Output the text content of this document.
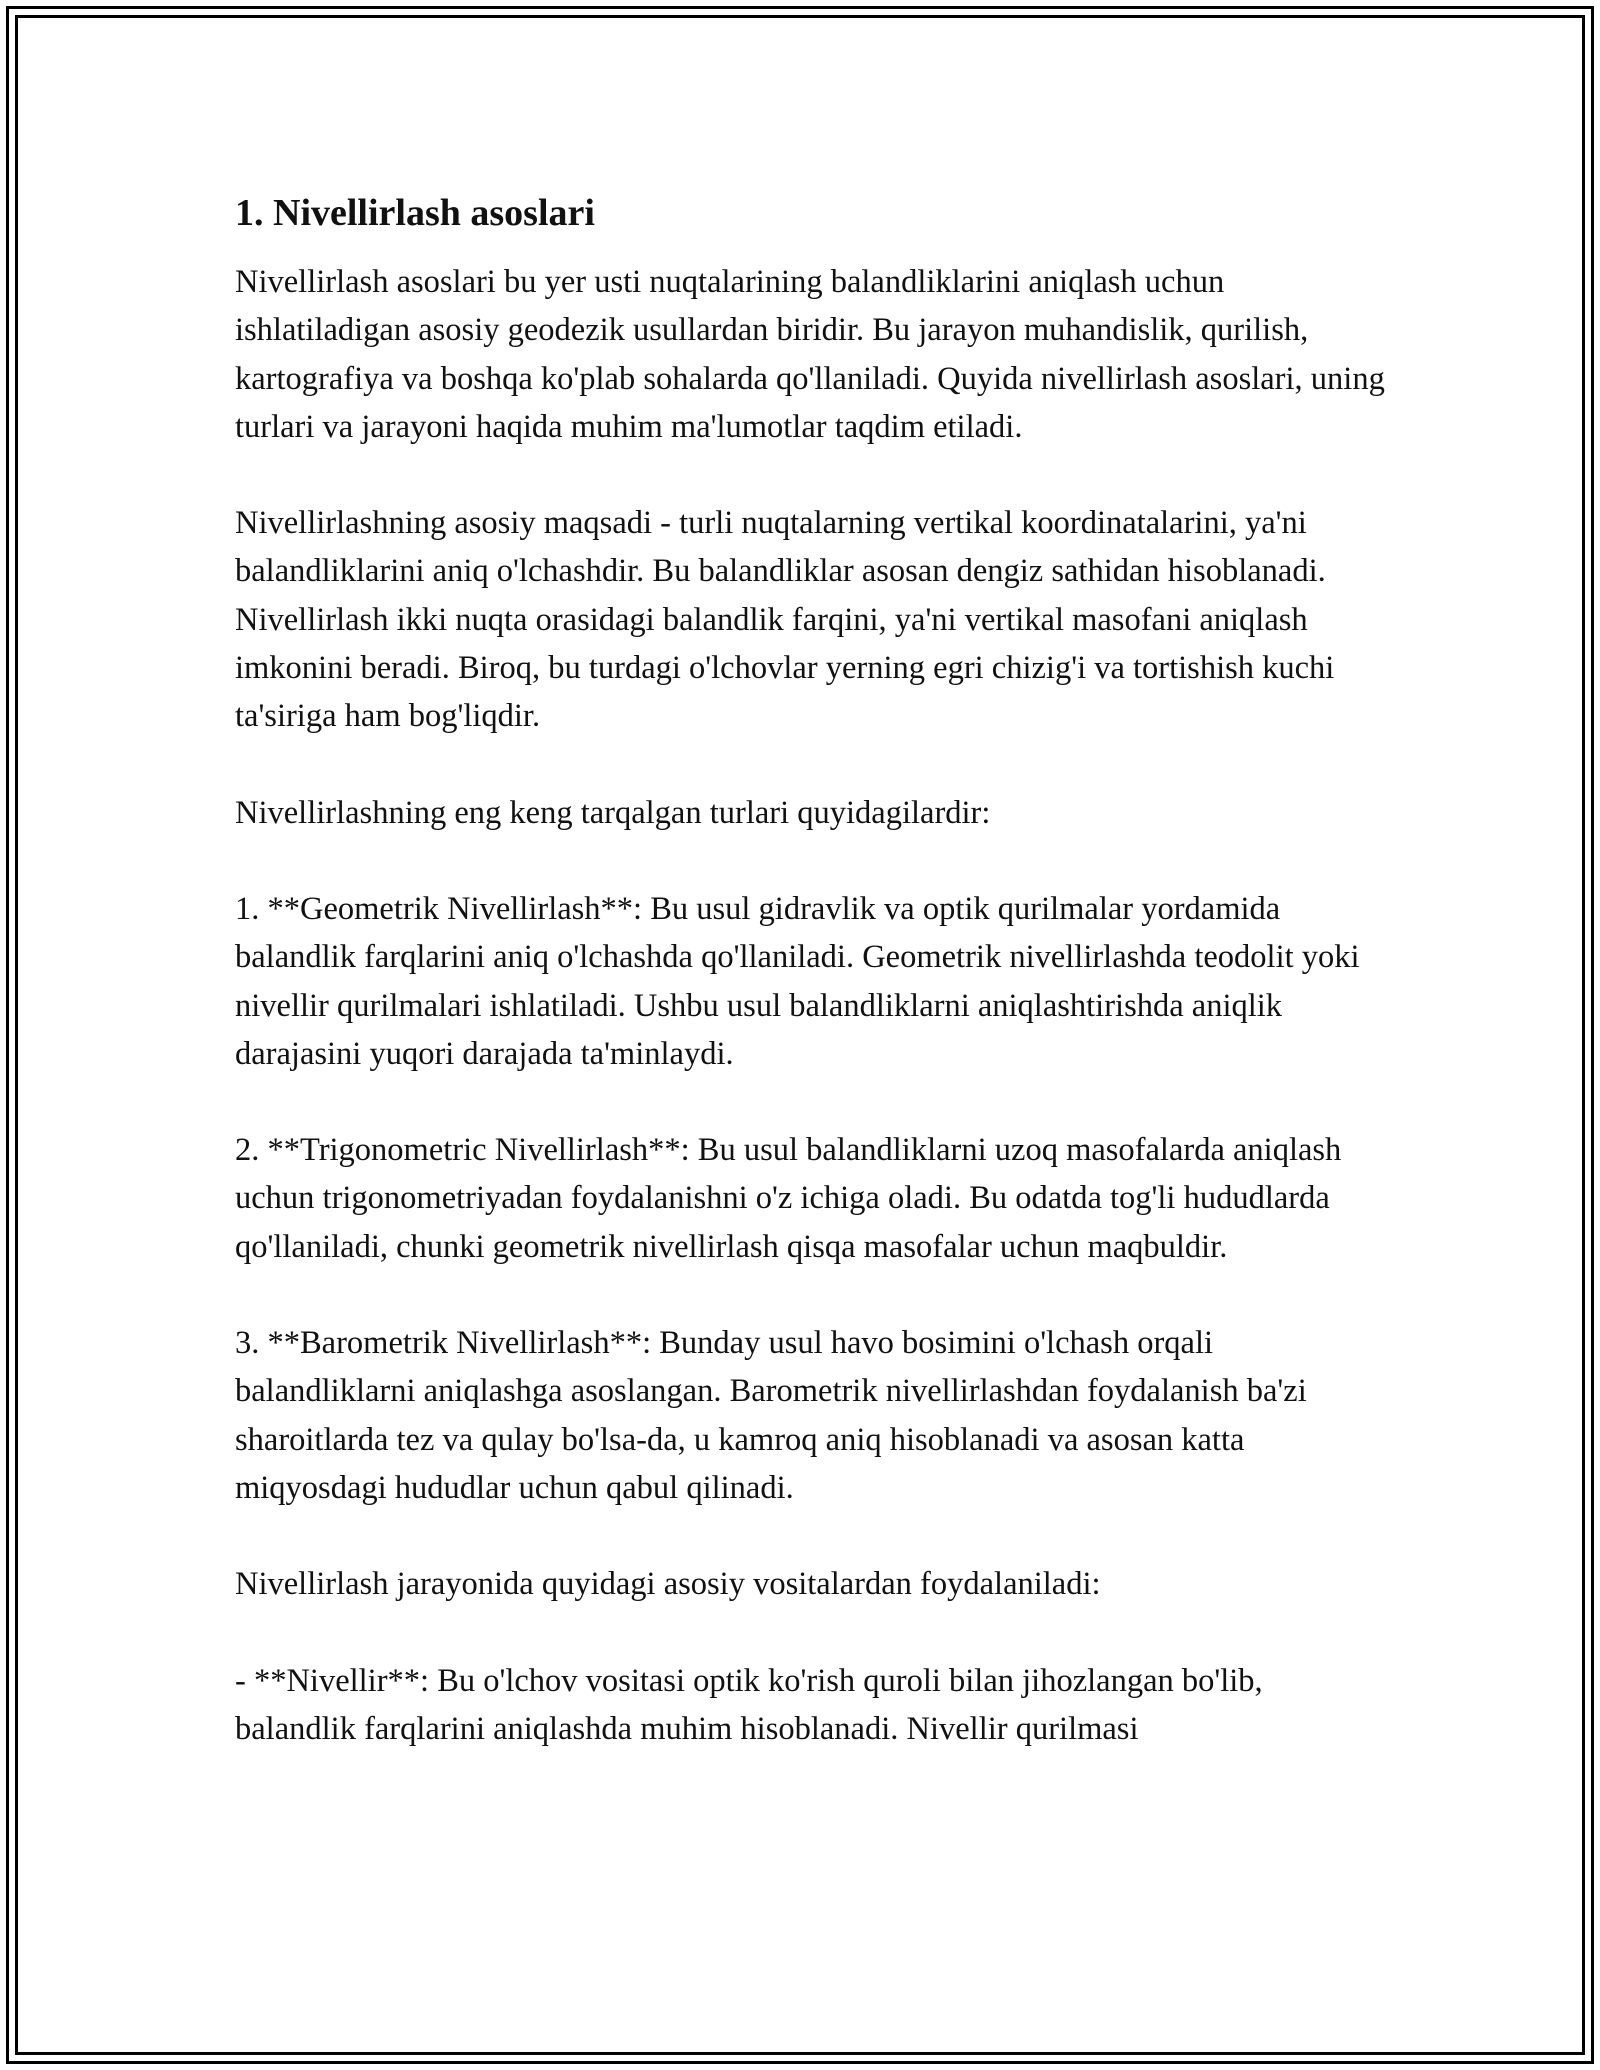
1. Nivellirlash asoslari

Nivellirlash asoslari bu yer usti nuqtalarining balandliklarini aniqlash uchun ishlatiladigan asosiy geodezik usullardan biridir. Bu jarayon muhandislik, qurilish, kartografiya va boshqa ko'plab sohalarda qo'llaniladi. Quyida nivellirlash asoslari, uning turlari va jarayoni haqida muhim ma'lumotlar taqdim etiladi.

Nivellirlashning asosiy maqsadi - turli nuqtalarning vertikal koordinatalarini, ya'ni balandliklarini aniq o'lchashdir. Bu balandliklar asosan dengiz sathidan hisoblanadi. Nivellirlash ikki nuqta orasidagi balandlik farqini, ya'ni vertikal masofani aniqlash imkonini beradi. Biroq, bu turdagi o'lchovlar yerning egri chizig'i va tortishish kuchi ta'siriga ham bog'liqdir.

Nivellirlashning eng keng tarqalgan turlari quyidagilardir:

1. **Geometrik Nivellirlash**: Bu usul gidravlik va optik qurilmalar yordamida balandlik farqlarini aniq o'lchashda qo'llaniladi. Geometrik nivellirlashda teodolit yoki nivellir qurilmalari ishlatiladi. Ushbu usul balandliklarni aniqlashtirishda aniqlik darajasini yuqori darajada ta'minlaydi.

2. **Trigonometric Nivellirlash**: Bu usul balandliklarni uzoq masofalarda aniqlash uchun trigonometriyadan foydalanishni o'z ichiga oladi. Bu odatda tog'li hududlarda qo'llaniladi, chunki geometrik nivellirlash qisqa masofalar uchun maqbuldir.

3. **Barometrik Nivellirlash**: Bunday usul havo bosimini o'lchash orqali balandliklarni aniqlashga asoslangan. Barometrik nivellirlashdan foydalanish ba'zi sharoitlarda tez va qulay bo'lsa-da, u kamroq aniq hisoblanadi va asosan katta miqyosdagi hududlar uchun qabul qilinadi.

Nivellirlash jarayonida quyidagi asosiy vositalardan foydalaniladi:

- **Nivellir**: Bu o'lchov vositasi optik ko'rish quroli bilan jihozlangan bo'lib, balandlik farqlarini aniqlashda muhim hisoblanadi. Nivellir qurilmasi
